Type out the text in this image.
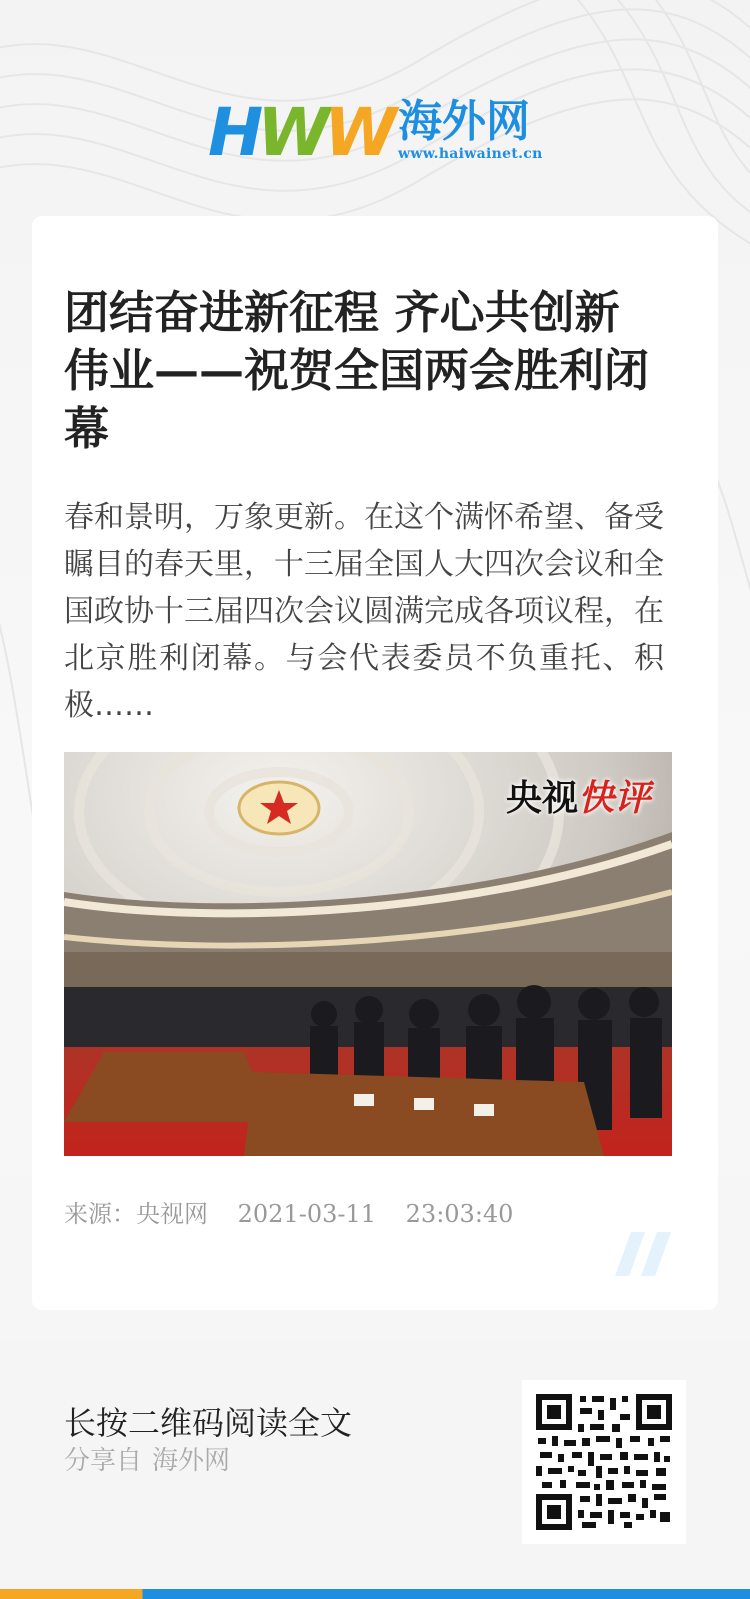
HWW 海外网
www.haiwainet.cn
团结奋进新征程 齐心共创新伟业——祝贺全国两会胜利闭幕

春和景明，万象更新。在这个满怀希望、备受瞩目的春天里，十三届全国人大四次会议和全国政协十三届四次会议圆满完成各项议程，在北京胜利闭幕。与会代表委员不负重托、积极……

央视快评
来源：央视网 2021-03-11 23:03:40
长按二维码阅读全文
分享自 海外网
